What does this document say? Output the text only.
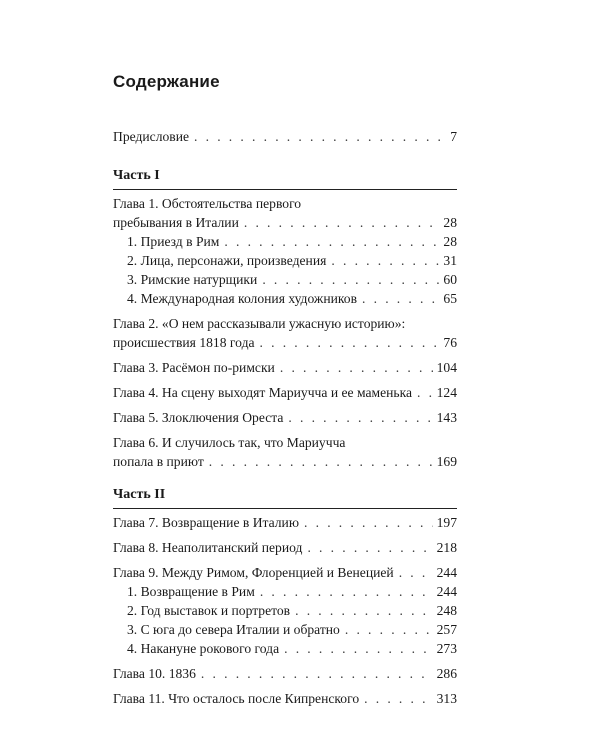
Содержание
Предисловие . . .	7
Часть I
Глава 1. Обстоятельства первого
пребывания в Италии . . .	28
1. Приезд в Рим . . .	28
2. Лица, персонажи, произведения . . .	31
3. Римские натурщики . . .	60
4. Международная колония художников . . .	65
Глава 2. «О нем рассказывали ужасную историю»:
происшествия 1818 года . . .	76
Глава 3. Расёмон по-римски . . .	104
Глава 4. На сцену выходят Мариучча и ее маменька . . . 124
Глава 5. Злоключения Ореста . . .	143
Глава 6. И случилось так, что Мариучча
попала в приют . . .	169
Часть II
Глава 7. Возвращение в Италию . . .	197
Глава 8. Неаполитанский период . . .	218
Глава 9. Между Римом, Флоренцией и Венецией . . .	244
1. Возвращение в Рим . . .	244
2. Год выставок и портретов . . .	248
3. С юга до севера Италии и обратно . . .	257
4. Накануне рокового года . . .	273
Глава 10. 1836 . . .	286
Глава 11. Что осталось после Кипренского . . .	313
